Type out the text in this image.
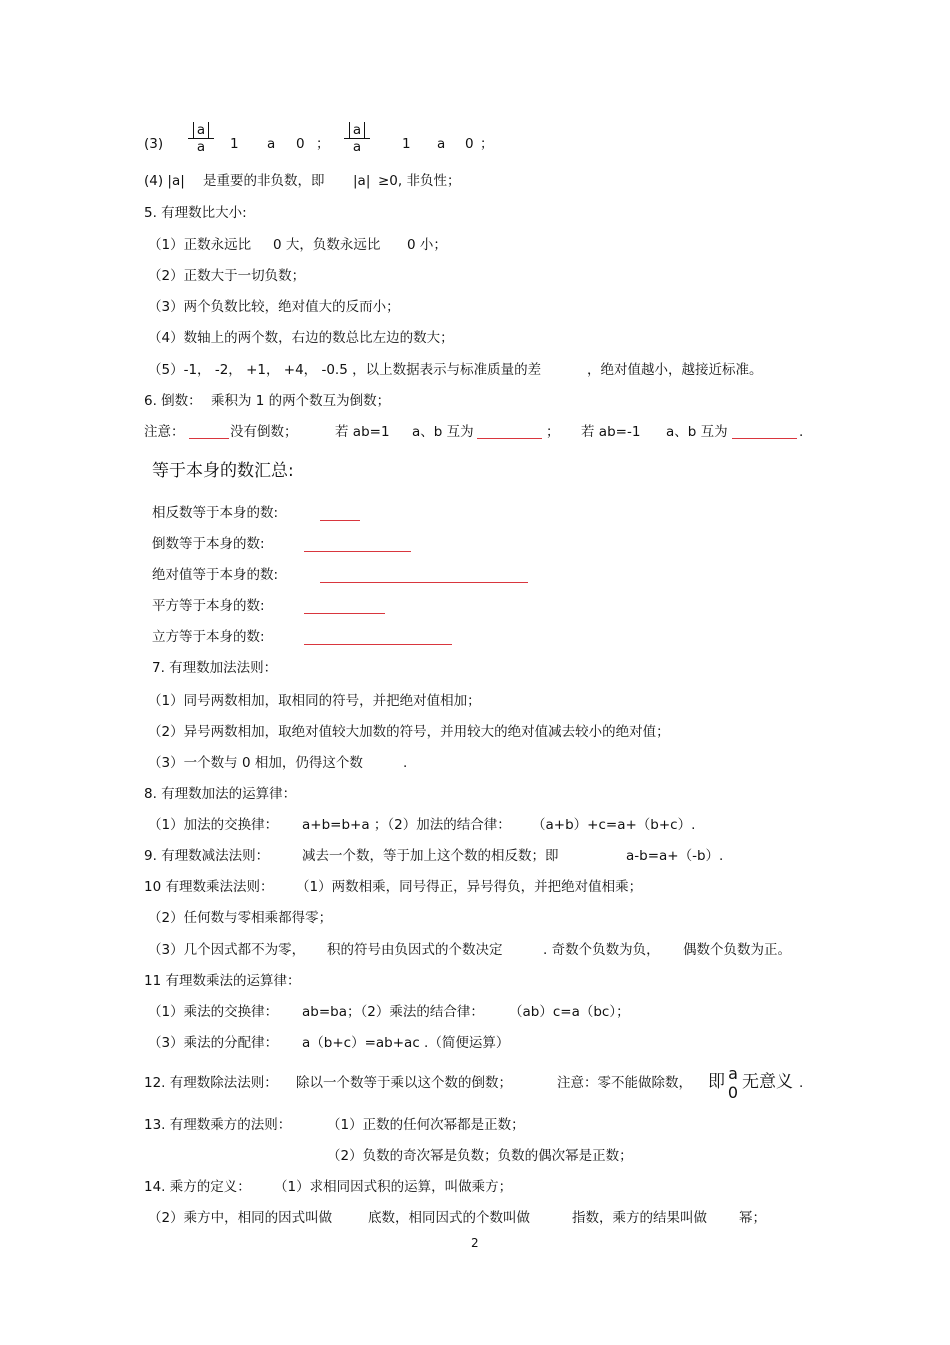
$(3) \frac{a}{a} 1$ a 0 ； $\frac{a}{a} 1$ a 0 ；
(4) |a| 是重要的非负数，即 |a| ≥0, 非负性；
5. 有理数比大小:
（1）正数永远比 0 大，负数永远比 0 小；
（2）正数大于一切负数；
（3）两个负数比较，绝对值大的反而小；
（4）数轴上的两个数，右边的数总比左边的数大；
（5）-1， -2， +1， +4， -0.5 ，以上数据表示与标准质量的差	，绝对值越小，越接近标准。
6. 倒数： 乘积为 1 的两个数互为倒数；
注意：	没有倒数；	若 ab=1 a、b 互为	； 若 ab=-1 a、b 互为	.
等于本身的数汇总:
相反数等于本身的数:
倒数等于本身的数:
绝对值等于本身的数:
平方等于本身的数:
立方等于本身的数:
7. 有理数加法法则：
（1）同号两数相加，取相同的符号，并把绝对值相加；
（2）异号两数相加，取绝对值较大加数的符号，并用较大的绝对值减去较小的绝对值；
（3）一个数与 0 相加，仍得这个数	.
8. 有理数加法的运算律：
（1）加法的交换律： a+b=b+a ；（2）加法的结合律： （a+b）+c=a+（b+c）.
9. 有理数减法法则： 减去一个数，等于加上这个数的相反数；即	a-b=a+（-b）.
10 有理数乘法法则： （1）两数相乘，同号得正，异号得负，并把绝对值相乘；
（2）任何数与零相乘都得零；
（3）几个因式都不为零， 积的符号由负因式的个数决定	. 奇数个负数为负， 偶数个负数为正。
11 有理数乘法的运算律：
（1）乘法的交换律： ab=ba；（2）乘法的结合律： （ab）c=a（bc）；
（3）乘法的分配律： a（b+c）=ab+ac .（简便运算）
12. 有理数除法法则： 除以一个数等于乘以这个数的倒数；	注意：零不能做除数， 即 a
0
无意义 .
13. 有理数乘方的法则：	（1）正数的任何次幂都是正数；
（2）负数的奇次幂是负数；负数的偶次幂是正数；
14. 乘方的定义： （1）求相同因式积的运算，叫做乘方；
（2）乘方中，相同的因式叫做	底数，相同因式的个数叫做	指数，乘方的结果叫做 幂；
2
